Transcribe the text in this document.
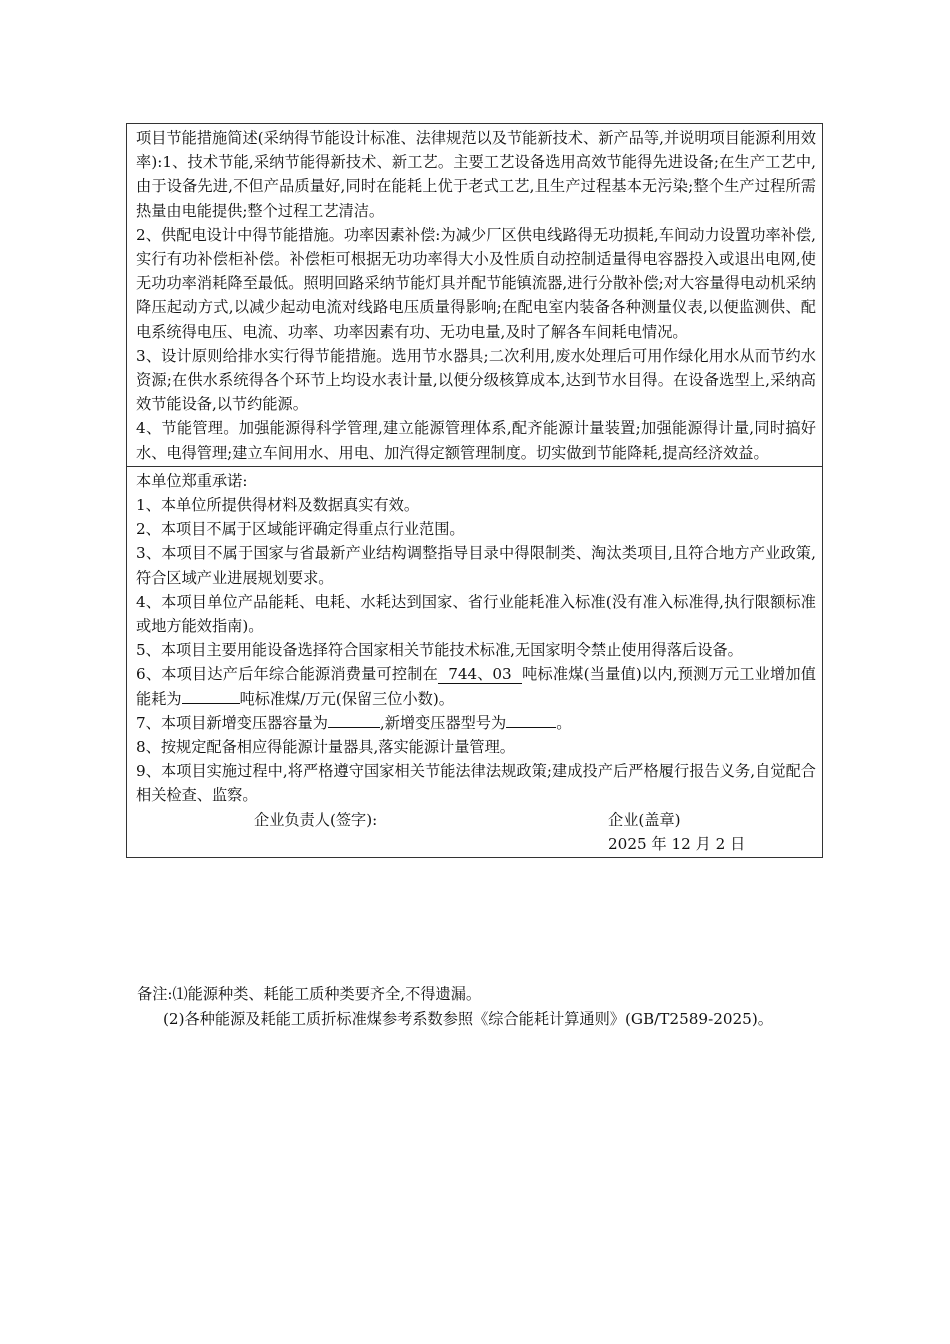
项目节能措施简述(采纳得节能设计标准、法律规范以及节能新技术、新产品等,并说明项目能源利用效率):1、技术节能,采纳节能得新技术、新工艺。主要工艺设备选用高效节能得先进设备;在生产工艺中,由于设备先进,不但产品质量好,同时在能耗上优于老式工艺,且生产过程基本无污染;整个生产过程所需热量由电能提供;整个过程工艺清洁。

2、供配电设计中得节能措施。功率因素补偿:为减少厂区供电线路得无功损耗,车间动力设置功率补偿,实行有功补偿柜补偿。补偿柜可根据无功功率得大小及性质自动控制适量得电容器投入或退出电网,使无功功率消耗降至最低。照明回路采纳节能灯具并配节能镇流器,进行分散补偿;对大容量得电动机采纳降压起动方式,以减少起动电流对线路电压质量得影响;在配电室内装备各种测量仪表,以便监测供、配电系统得电压、电流、功率、功率因素有功、无功电量,及时了解各车间耗电情况。

3、设计原则给排水实行得节能措施。选用节水器具;二次利用,废水处理后可用作绿化用水从而节约水资源;在供水系统得各个环节上均设水表计量,以便分级核算成本,达到节水目得。在设备选型上,采纳高效节能设备,以节约能源。

4、节能管理。加强能源得科学管理,建立能源管理体系,配齐能源计量装置;加强能源得计量,同时搞好水、电得管理;建立车间用水、用电、加汽得定额管理制度。切实做到节能降耗,提高经济效益。

本单位郑重承诺:

1、本单位所提供得材料及数据真实有效。

2、本项目不属于区域能评确定得重点行业范围。

3、本项目不属于国家与省最新产业结构调整指导目录中得限制类、淘汰类项目,且符合地方产业政策,符合区域产业进展规划要求。

4、本项目单位产品能耗、电耗、水耗达到国家、省行业能耗准入标准(没有准入标准得,执行限额标准或地方能效指南)。

5、本项目主要用能设备选择符合国家相关节能技术标准,无国家明令禁止使用得落后设备。

6、本项目达产后年综合能源消费量可控制在 744、03 吨标准煤(当量值)以内,预测万元工业增加值能耗为	吨标准煤/万元(保留三位小数)。

7、本项目新增变压器容量为	,新增变压器型号为	。

8、按规定配备相应得能源计量器具,落实能源计量管理。

9、本项目实施过程中,将严格遵守国家相关节能法律法规政策;建成投产后严格履行报告义务,自觉配合相关检查、监察。

企业负责人(签字):	企业(盖章)
2025 年 12 月 2 日

备注:⑴能源种类、耗能工质种类要齐全,不得遗漏。

(2)各种能源及耗能工质折标准煤参考系数参照《综合能耗计算通则》(GB/T2589-2025)。
